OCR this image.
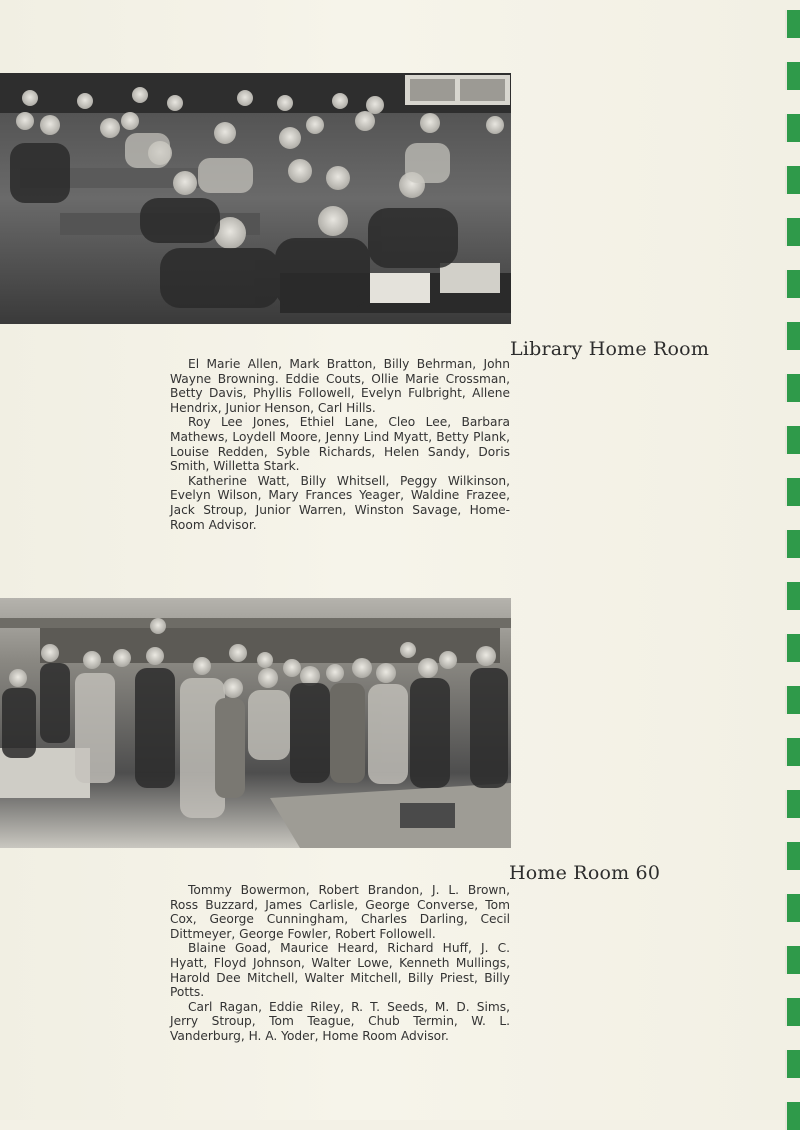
Library Home Room

El Marie Allen, Mark Bratton, Billy Behrman, John Wayne Browning. Eddie Couts, Ollie Marie Crossman, Betty Davis, Phyllis Followell, Evelyn Fulbright, Allene Hendrix, Junior Henson, Carl Hills.

Roy Lee Jones, Ethiel Lane, Cleo Lee, Barbara Mathews, Loydell Moore, Jenny Lind Myatt, Betty Plank, Louise Redden, Syble Richards, Helen Sandy, Doris Smith, Willetta Stark.

Katherine Watt, Billy Whitsell, Peggy Wilkinson, Evelyn Wilson, Mary Frances Yeager, Waldine Frazee, Jack Stroup, Junior Warren, Winston Savage, Home-Room Advisor.

Home Room 60

Tommy Bowermon, Robert Brandon, J. L. Brown, Ross Buzzard, James Carlisle, George Converse, Tom Cox, George Cunningham, Charles Darling, Cecil Dittmeyer, George Fowler, Robert Followell.

Blaine Goad, Maurice Heard, Richard Huff, J. C. Hyatt, Floyd Johnson, Walter Lowe, Kenneth Mullings, Harold Dee Mitchell, Walter Mitchell, Billy Priest, Billy Potts.

Carl Ragan, Eddie Riley, R. T. Seeds, M. D. Sims, Jerry Stroup, Tom Teague, Chub Termin, W. L. Vanderburg, H. A. Yoder, Home Room Advisor.
